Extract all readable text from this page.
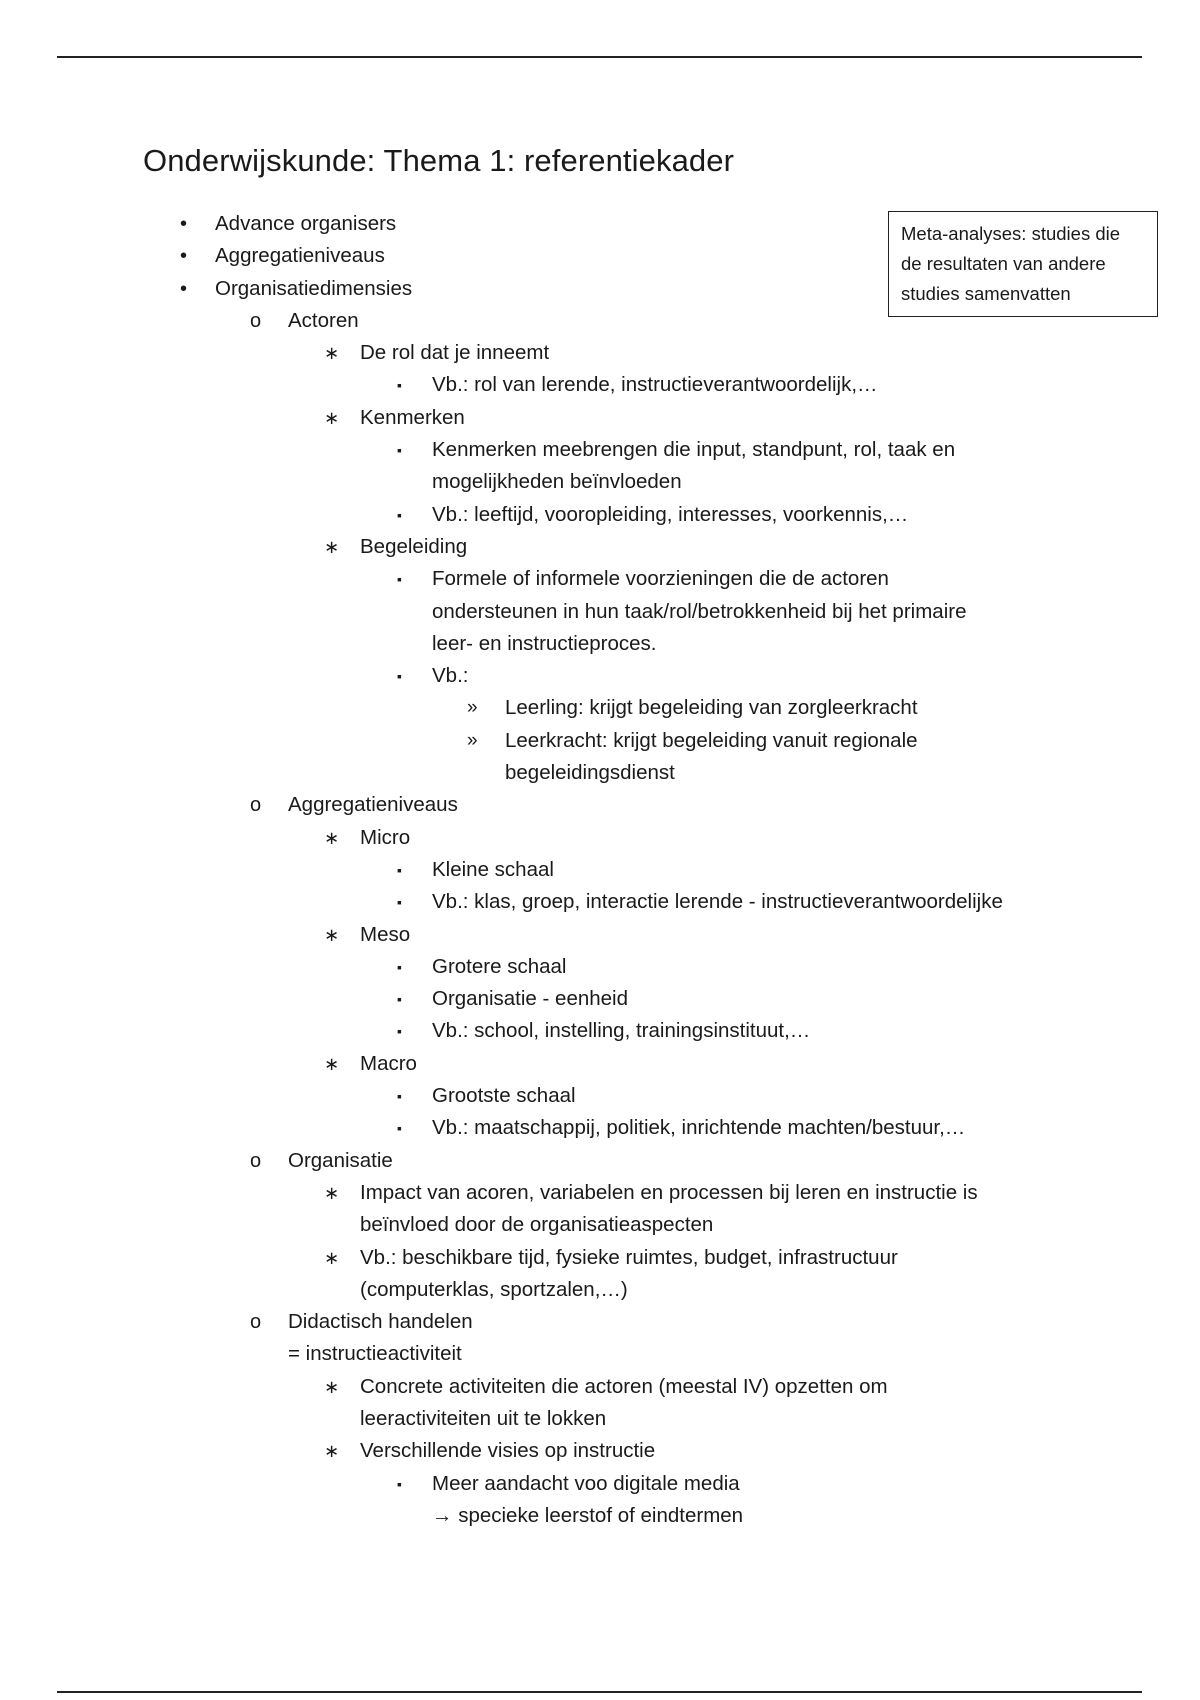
Onderwijskunde: Thema 1: referentiekader
Meta-analyses: studies die
de resultaten van andere
studies samenvatten
• Advance organisers
• Aggregatieniveaus
• Organisatiedimensies
o Actoren
∗ De rol dat je inneemt
▪ Vb.: rol van lerende, instructieverantwoordelijk,…
∗ Kenmerken
▪ Kenmerken meebrengen die input, standpunt, rol, taak en
mogelijkheden beïnvloeden
▪ Vb.: leeftijd, vooropleiding, interesses, voorkennis,…
∗ Begeleiding
▪ Formele of informele voorzieningen die de actoren
ondersteunen in hun taak/rol/betrokkenheid bij het primaire
leer- en instructieproces.
▪ Vb.:
» Leerling: krijgt begeleiding van zorgleerkracht
» Leerkracht: krijgt begeleiding vanuit regionale
begeleidingsdienst
o Aggregatieniveaus
∗ Micro
▪ Kleine schaal
▪ Vb.: klas, groep, interactie lerende - instructieverantwoordelijke
∗ Meso
▪ Grotere schaal
▪ Organisatie - eenheid
▪ Vb.: school, instelling, trainingsinstituut,…
∗ Macro
▪ Grootste schaal
▪ Vb.: maatschappij, politiek, inrichtende machten/bestuur,…
o Organisatie
∗ Impact van acoren, variabelen en processen bij leren en instructie is
beïnvloed door de organisatieaspecten
∗ Vb.: beschikbare tijd, fysieke ruimtes, budget, infrastructuur
(computerklas, sportzalen,…)
o Didactisch handelen
= instructieactiviteit
∗ Concrete activiteiten die actoren (meestal IV) opzetten om
leeractiviteiten uit te lokken
∗ Verschillende visies op instructie
▪ Meer aandacht voo digitale media
→ specieke leerstof of eindtermen
